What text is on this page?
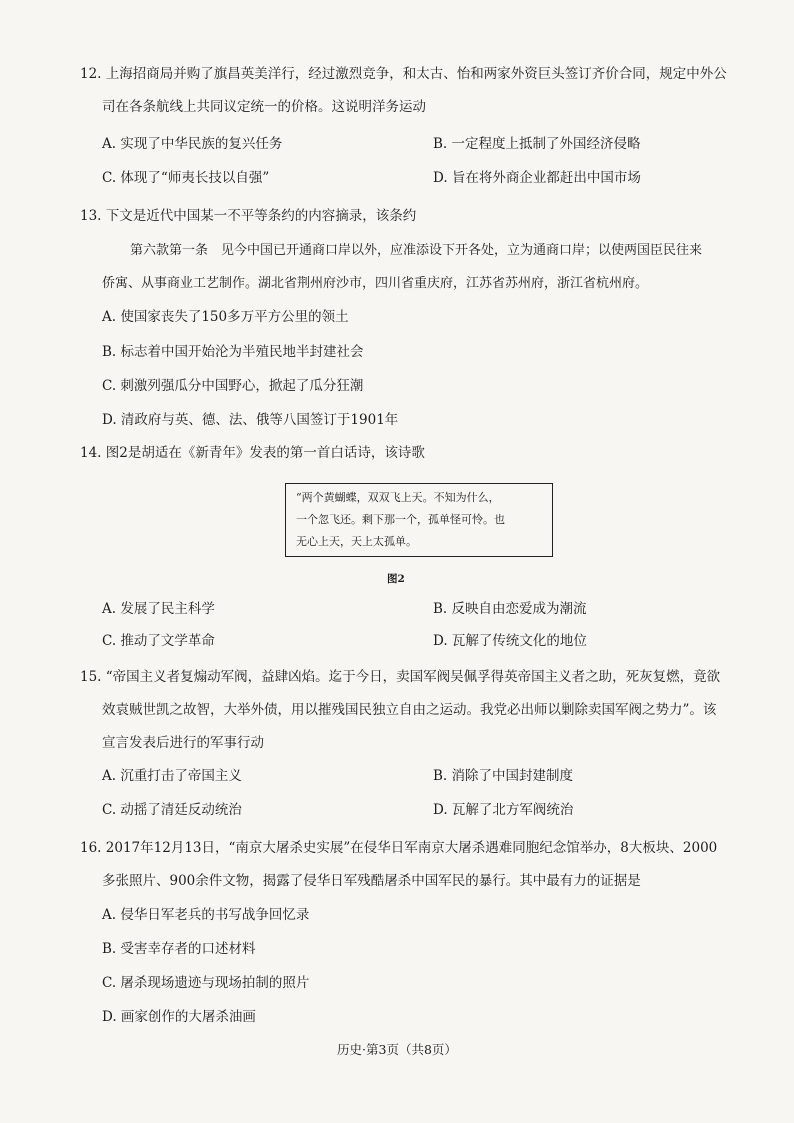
12. 上海招商局并购了旗昌英美洋行，经过激烈竞争，和太古、怡和两家外资巨头签订齐价合同，规定中外公
司在各条航线上共同议定统一的价格。这说明洋务运动
A. 实现了中华民族的复兴任务	B. 一定程度上抵制了外国经济侵略
C. 体现了“师夷长技以自强”	D. 旨在将外商企业都赶出中国市场
13. 下文是近代中国某一不平等条约的内容摘录，该条约
第六款第一条　见今中国已开通商口岸以外，应准添设下开各处，立为通商口岸；以使两国臣民往来
侨寓、从事商业工艺制作。湖北省荆州府沙市，四川省重庆府，江苏省苏州府，浙江省杭州府。
A. 使国家丧失了150多万平方公里的领土
B. 标志着中国开始沦为半殖民地半封建社会
C. 刺激列强瓜分中国野心，掀起了瓜分狂潮
D. 清政府与英、德、法、俄等八国签订于1901年
14. 图2是胡适在《新青年》发表的第一首白话诗，该诗歌
“两个黄蝴蝶，双双飞上天。不知为什么，
一个忽飞还。剩下那一个，孤单怪可怜。也
无心上天，天上太孤单。
图2
A. 发展了民主科学	B. 反映自由恋爱成为潮流
C. 推动了文学革命	D. 瓦解了传统文化的地位
15. “帝国主义者复煽动军阀，益肆凶焰。迄于今日，卖国军阀吴佩孚得英帝国主义者之助，死灰复燃，竟欲
效袁贼世凯之故智，大举外债，用以摧残国民独立自由之运动。我党必出师以剿除卖国军阀之势力”。该
宣言发表后进行的军事行动
A. 沉重打击了帝国主义	B. 消除了中国封建制度
C. 动摇了清廷反动统治	D. 瓦解了北方军阀统治
16. 2017年12月13日，“南京大屠杀史实展”在侵华日军南京大屠杀遇难同胞纪念馆举办，8大板块、2000
多张照片、900余件文物，揭露了侵华日军残酷屠杀中国军民的暴行。其中最有力的证据是
A. 侵华日军老兵的书写战争回忆录
B. 受害幸存者的口述材料
C. 屠杀现场遗迹与现场拍制的照片
D. 画家创作的大屠杀油画
历史·第3页（共8页）
